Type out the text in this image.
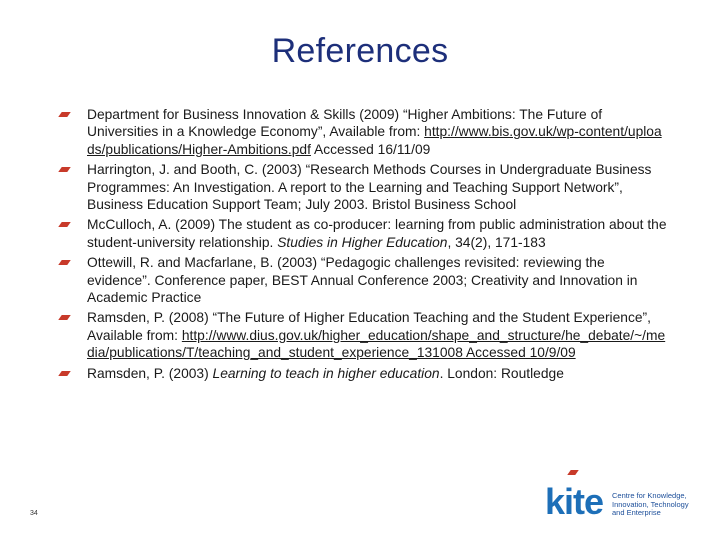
References
Department for Business Innovation & Skills (2009) “Higher Ambitions: The Future of Universities in a Knowledge Economy”, Available from: http://www.bis.gov.uk/wp-content/uploads/publications/Higher-Ambitions.pdf Accessed 16/11/09
Harrington, J. and Booth, C. (2003) “Research Methods Courses in Undergraduate Business Programmes: An Investigation. A report to the Learning and Teaching Support Network”, Business Education Support Team; July 2003. Bristol Business School
McCulloch, A. (2009) The student as co-producer: learning from public administration about the student-university relationship. Studies in Higher Education, 34(2), 171-183
Ottewill, R. and Macfarlane, B. (2003) “Pedagogic challenges revisited: reviewing the evidence”. Conference paper, BEST Annual Conference 2003; Creativity and Innovation in Academic Practice
Ramsden, P. (2008) “The Future of Higher Education Teaching and the Student Experience”, Available from: http://www.dius.gov.uk/higher_education/shape_and_structure/he_debate/~/media/publications/T/teaching_and_student_experience_131008 Accessed 10/9/09
Ramsden, P. (2003) Learning to teach in higher education. London: Routledge
34	kite Centre for Knowledge,
Innovation, Technology
and Enterprise
